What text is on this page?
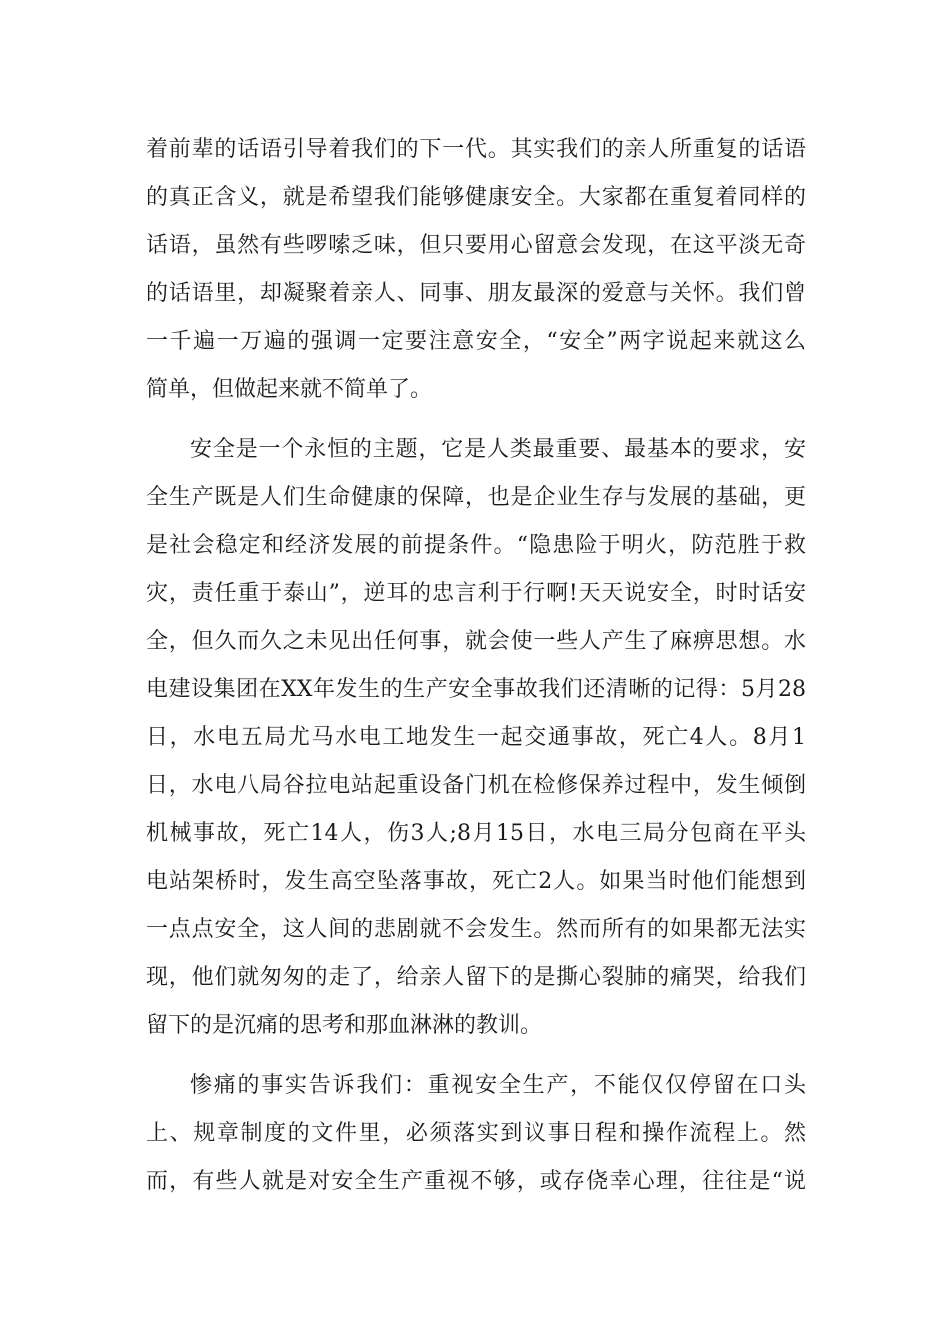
着前辈的话语引导着我们的下一代。其实我们的亲人所重复的话语
的真正含义，就是希望我们能够健康安全。大家都在重复着同样的
话语，虽然有些啰嗦乏味，但只要用心留意会发现，在这平淡无奇
的话语里，却凝聚着亲人、同事、朋友最深的爱意与关怀。我们曾
一千遍一万遍的强调一定要注意安全，“安全”两字说起来就这么
简单，但做起来就不简单了。
安全是一个永恒的主题，它是人类最重要、最基本的要求，安
全生产既是人们生命健康的保障，也是企业生存与发展的基础，更
是社会稳定和经济发展的前提条件。“隐患险于明火，防范胜于救
灾，责任重于泰山”，逆耳的忠言利于行啊!天天说安全，时时话安
全，但久而久之未见出任何事，就会使一些人产生了麻痹思想。水
电建设集团在XX年发生的生产安全事故我们还清晰的记得：5月28
日，水电五局尤马水电工地发生一起交通事故，死亡4人。8月1
日，水电八局谷拉电站起重设备门机在检修保养过程中，发生倾倒
机械事故，死亡14人，伤3人;8月15日，水电三局分包商在平头
电站架桥时，发生高空坠落事故，死亡2人。如果当时他们能想到
一点点安全，这人间的悲剧就不会发生。然而所有的如果都无法实
现，他们就匆匆的走了，给亲人留下的是撕心裂肺的痛哭，给我们
留下的是沉痛的思考和那血淋淋的教训。
惨痛的事实告诉我们：重视安全生产，不能仅仅停留在口头
上、规章制度的文件里，必须落实到议事日程和操作流程上。然
而，有些人就是对安全生产重视不够，或存侥幸心理，往往是“说
